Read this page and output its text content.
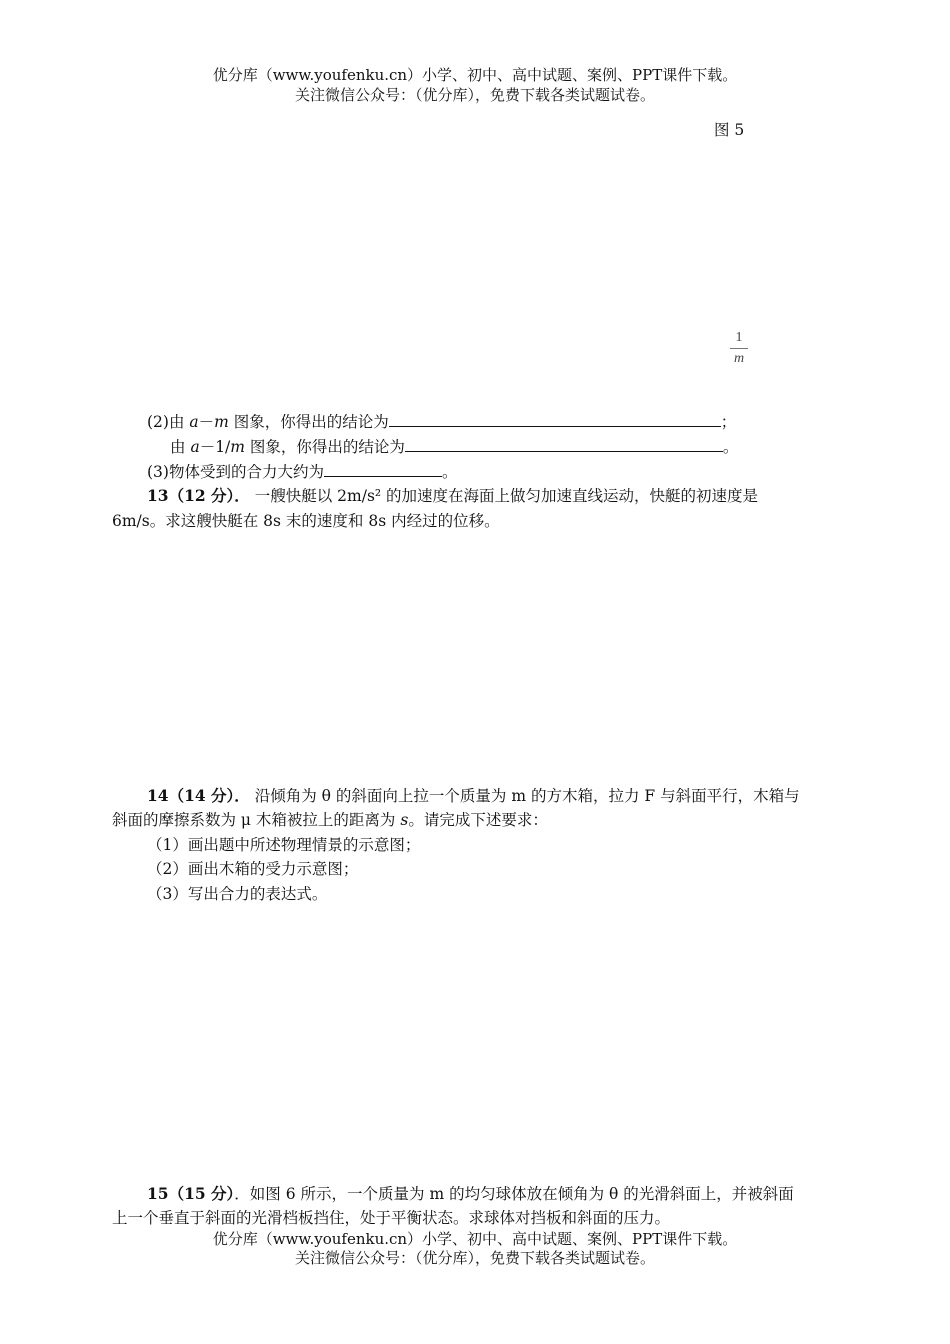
优分库（www.youfenku.cn）小学、初中、高中试题、案例、PPT课件下载。
关注微信公众号：（优分库），免费下载各类试题试卷。
图 5
1
m
(2)由 a－m 图象，你得出的结论为	；
由 a－1/m 图象，你得出的结论为	。
(3)物体受到的合力大约为	。
13（12 分）． 一艘快艇以 2m/s² 的加速度在海面上做匀加速直线运动，快艇的初速度是
6m/s。求这艘快艇在 8s 末的速度和 8s 内经过的位移。
14（14 分）． 沿倾角为 θ 的斜面向上拉一个质量为 m 的方木箱，拉力 F 与斜面平行，木箱与
斜面的摩擦系数为 μ 木箱被拉上的距离为 s。请完成下述要求：
（1）画出题中所述物理情景的示意图；
（2）画出木箱的受力示意图；
（3）写出合力的表达式。
15（15 分）．如图 6 所示，一个质量为 m 的均匀球体放在倾角为 θ 的光滑斜面上，并被斜面
上一个垂直于斜面的光滑档板挡住，处于平衡状态。求球体对挡板和斜面的压力。
优分库（www.youfenku.cn）小学、初中、高中试题、案例、PPT课件下载。
关注微信公众号：（优分库），免费下载各类试题试卷。
